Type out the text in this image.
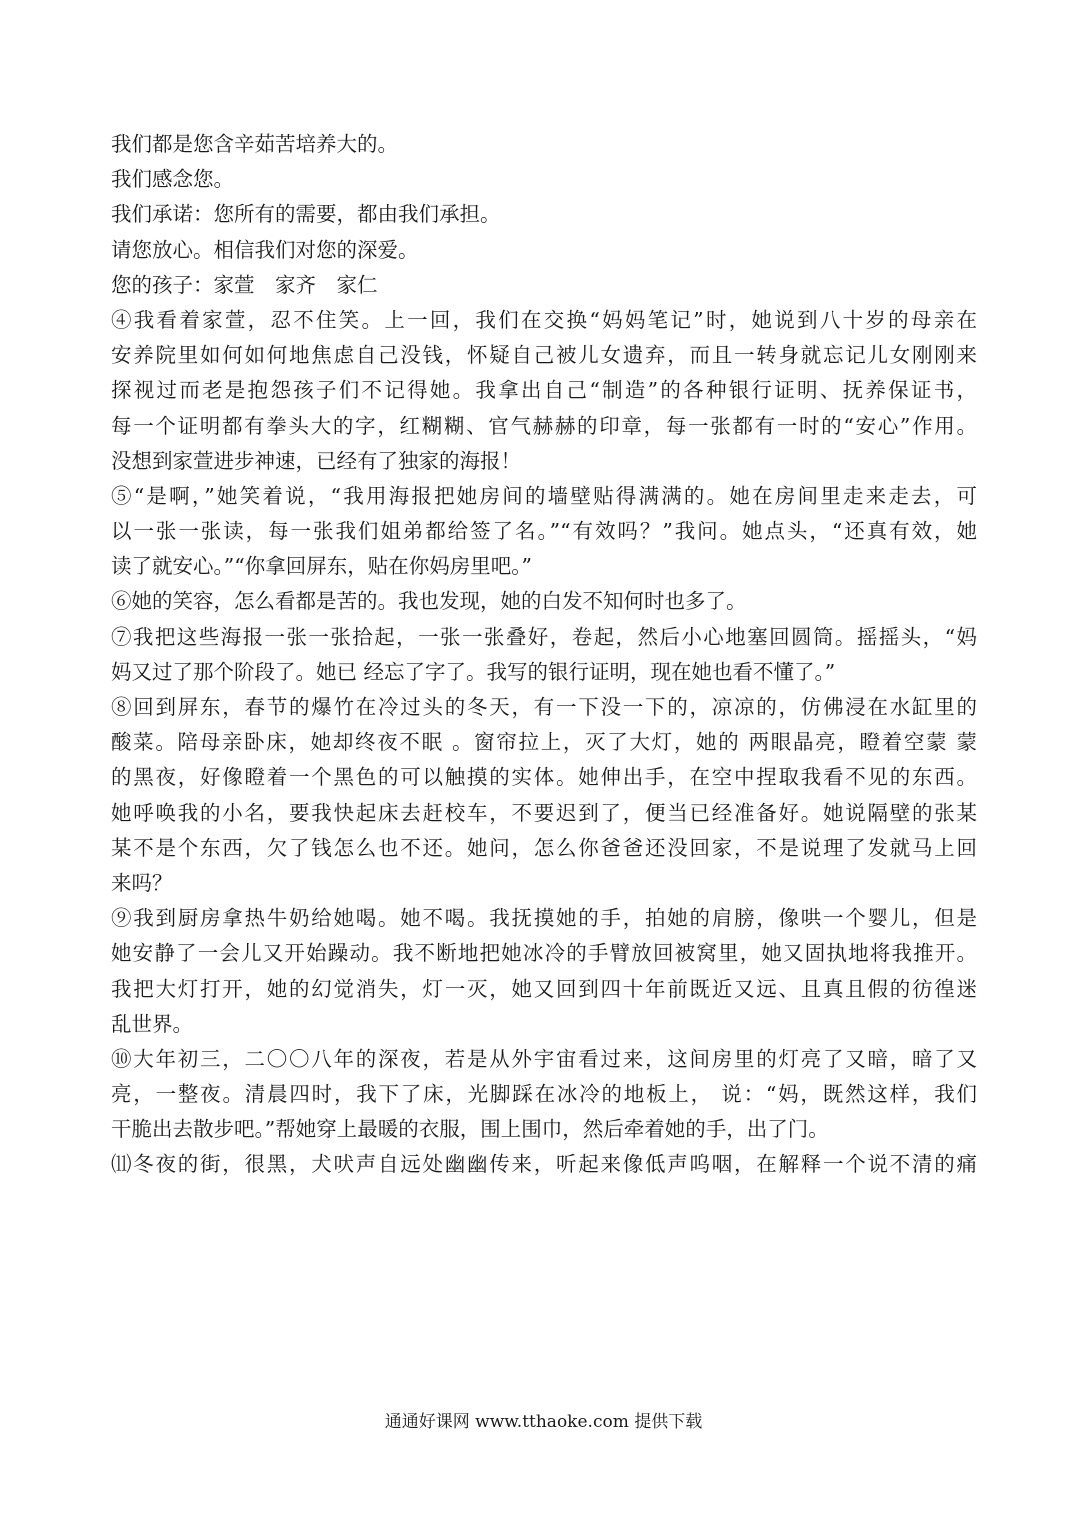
我们都是您含辛茹苦培养大的。
我们感念您。
我们承诺：您所有的需要，都由我们承担。
请您放心。相信我们对您的深爱。
您的孩子：家萱　家齐　家仁
④我看着家萱，忍不住笑。上一回，我们在交换“妈妈笔记”时，她说到八十岁的母亲在
安养院里如何如何地焦虑自己没钱，怀疑自己被儿女遗弃，而且一转身就忘记儿女刚刚来
探视过而老是抱怨孩子们不记得她。我拿出自己“制造”的各种银行证明、抚养保证书，
每一个证明都有拳头大的字，红糊糊、官气赫赫的印章，每一张都有一时的“安心”作用。
没想到家萱进步神速，已经有了独家的海报！
⑤“是啊，”她笑着说，“我用海报把她房间的墙壁贴得满满的。她在房间里走来走去，可
以一张一张读，每一张我们姐弟都给签了名。”“有效吗？”我问。她点头，“还真有效，她
读了就安心。”“你拿回屏东，贴在你妈房里吧。”
⑥她的笑容，怎么看都是苦的。我也发现，她的白发不知何时也多了。
⑦我把这些海报一张一张拾起，一张一张叠好，卷起，然后小心地塞回圆筒。摇摇头，“妈
妈又过了那个阶段了。她已 经忘了字了。我写的银行证明，现在她也看不懂了。”
⑧回到屏东，春节的爆竹在冷过头的冬天，有一下没一下的，凉凉的，仿佛浸在水缸里的
酸菜。陪母亲卧床，她却终夜不眠 。窗帘拉上，灭了大灯，她的 两眼晶亮，瞪着空蒙 蒙
的黑夜，好像瞪着一个黑色的可以触摸的实体。她伸出手，在空中捏取我看不见的东西。
她呼唤我的小名，要我快起床去赶校车，不要迟到了，便当已经准备好。她说隔壁的张某
某不是个东西，欠了钱怎么也不还。她问，怎么你爸爸还没回家，不是说理了发就马上回
来吗？
⑨我到厨房拿热牛奶给她喝。她不喝。我抚摸她的手，拍她的肩膀，像哄一个婴儿，但是
她安静了一会儿又开始躁动。我不断地把她冰冷的手臂放回被窝里，她又固执地将我推开。
我把大灯打开，她的幻觉消失，灯一灭，她又回到四十年前既近又远、且真且假的彷徨迷
乱世界。
⑩大年初三，二〇〇八年的深夜，若是从外宇宙看过来，这间房里的灯亮了又暗，暗了又
亮，一整夜。清晨四时，我下了床，光脚踩在冰冷的地板上， 说：“妈，既然这样，我们
干脆出去散步吧。”帮她穿上最暖的衣服，围上围巾，然后牵着她的手，出了门。
⑾冬夜的街，很黑，犬吠声自远处幽幽传来，听起来像低声呜咽，在解释一个说不清的痛
通通好课网 www.tthaoke.com 提供下载
